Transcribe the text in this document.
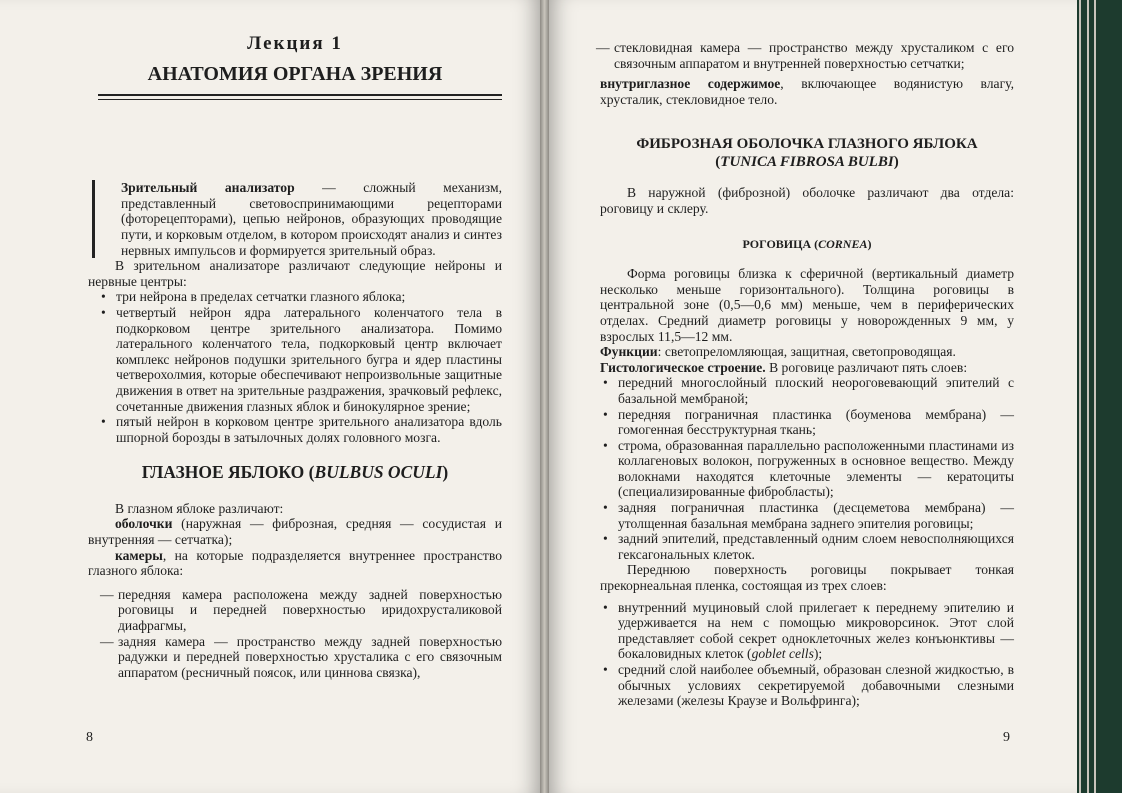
Лекция 1
АНАТОМИЯ ОРГАНА ЗРЕНИЯ

Зрительный анализатор — сложный механизм, представленный световоспринимающими рецепторами (фоторецепторами), цепью нейронов, образующих проводящие пути, и корковым отделом, в котором происходят анализ и синтез нервных импульсов и формируется зрительный образ.

В зрительном анализаторе различают следующие нейроны и нервные центры:

• три нейрона в пределах сетчатки глазного яблока;
• четвертый нейрон ядра латерального коленчатого тела в подкорковом центре зрительного анализатора. Помимо латерального коленчатого тела, подкорковый центр включает комплекс нейронов подушки зрительного бугра и ядер пластины четверохолмия, которые обеспечивают непроизвольные защитные движения в ответ на зрительные раздражения, зрачковый рефлекс, сочетанные движения глазных яблок и бинокулярное зрение;
• пятый нейрон в корковом центре зрительного анализатора вдоль шпорной борозды в затылочных долях головного мозга.
ГЛАЗНОЕ ЯБЛОКО (BULBUS OCULI)

В глазном яблоке различают:

оболочки (наружная — фиброзная, средняя — сосудистая и внутренняя — сетчатка);

камеры, на которые подразделяется внутреннее пространство глазного яблока:

— передняя камера расположена между задней поверхностью роговицы и передней поверхностью иридохрусталиковой диафрагмы,
— задняя камера — пространство между задней поверхностью радужки и передней поверхностью хрусталика с его связочным аппаратом (ресничный поясок, или цинновa связка),
8
— стекловидная камера — пространство между хрусталиком с его связочным аппаратом и внутренней поверхностью сетчатки;

внутриглазное содержимое, включающее водянистую влагу, хрусталик, стекловидное тело.

ФИБРОЗНАЯ ОБОЛОЧКА ГЛАЗНОГО ЯБЛОКА
(TUNICA FIBROSA BULBI)

В наружной (фиброзной) оболочке различают два отдела: роговицу и склеру.

РОГОВИЦА (CORNEA)

Форма роговицы близка к сферичной (вертикальный диаметр несколько меньше горизонтального). Толщина роговицы в центральной зоне (0,5—0,6 мм) меньше, чем в периферических отделах. Средний диаметр роговицы у новорожденных 9 мм, у взрослых 11,5—12 мм.

Функции: светопреломляющая, защитная, светопроводящая.

Гистологическое строение. В роговице различают пять слоев:

• передний многослойный плоский неороговевающий эпителий с базальной мембраной;
• передняя пограничная пластинка (боуменова мембрана) — гомогенная бесструктурная ткань;
• строма, образованная параллельно расположенными пластинами из коллагеновых волокон, погруженных в основное вещество. Между волокнами находятся клеточные элементы — кератоциты (специализированные фибробласты);
• задняя пограничная пластинка (десцеметова мембрана) — утолщенная базальная мембрана заднего эпителия роговицы;
• задний эпителий, представленный одним слоем невосполняющихся гексагональных клеток.

Переднюю поверхность роговицы покрывает тонкая прекорнеальная пленка, состоящая из трех слоев:

• внутренний муциновый слой прилегает к переднему эпителию и удерживается на нем с помощью микроворсинок. Этот слой представляет собой секрет одноклеточных желез конъюнктивы — бокаловидных клеток (goblet cells);
• средний слой наиболее объемный, образован слезной жидкостью, в обычных условиях секретируемой добавочными слезными железами (железы Краузе и Вольфринга);
9
